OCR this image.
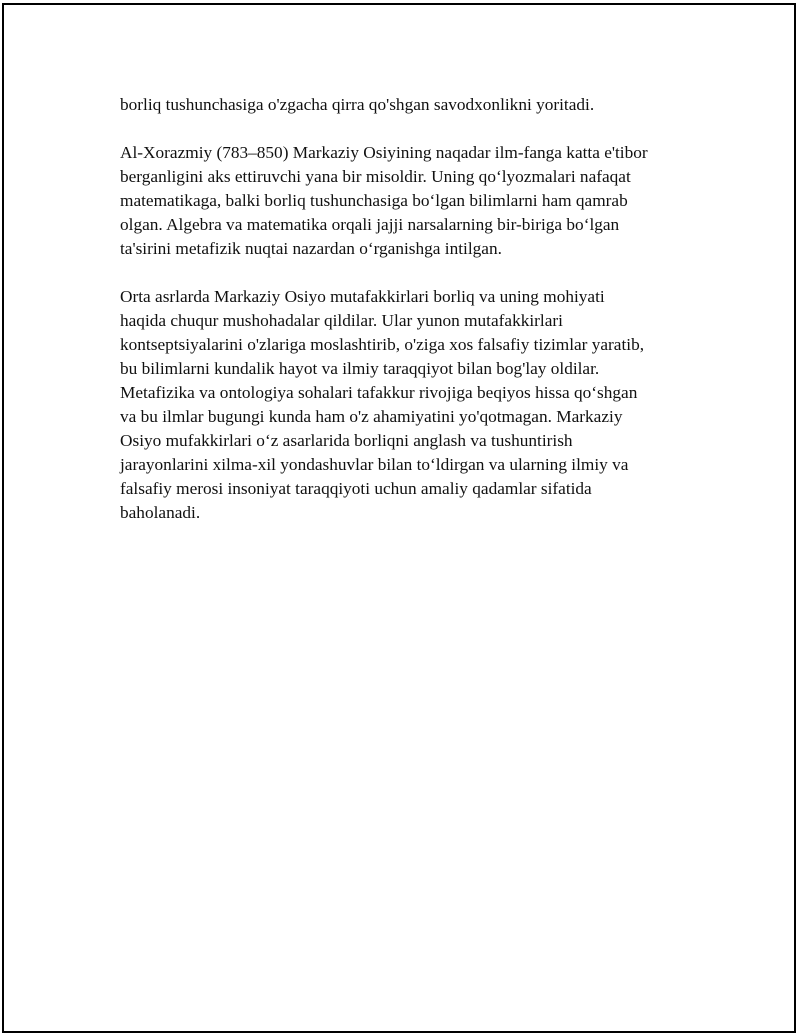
borliq tushunchasiga o'zgacha qirra qo'shgan savodxonlikni yoritadi.

Al-Xorazmiy (783–850) Markaziy Osiyining naqadar ilm-fanga katta e'tibor
berganligini aks ettiruvchi yana bir misoldir. Uning qo‘lyozmalari nafaqat
matematikaga, balki borliq tushunchasiga bo‘lgan bilimlarni ham qamrab
olgan. Algebra va matematika orqali jajji narsalarning bir-biriga bo‘lgan
ta'sirini metafizik nuqtai nazardan o‘rganishga intilgan.

Orta asrlarda Markaziy Osiyo mutafakkirlari borliq va uning mohiyati
haqida chuqur mushohadalar qildilar. Ular yunon mutafakkirlari
kontseptsiyalarini o'zlariga moslashtirib, o'ziga xos falsafiy tizimlar yaratib,
bu bilimlarni kundalik hayot va ilmiy taraqqiyot bilan bog'lay oldilar.
Metafizika va ontologiya sohalari tafakkur rivojiga beqiyos hissa qo‘shgan
va bu ilmlar bugungi kunda ham o'z ahamiyatini yo'qotmagan. Markaziy
Osiyo mufakkirlari o‘z asarlarida borliqni anglash va tushuntirish
jarayonlarini xilma-xil yondashuvlar bilan to‘ldirgan va ularning ilmiy va
falsafiy merosi insoniyat taraqqiyoti uchun amaliy qadamlar sifatida
baholanadi.
